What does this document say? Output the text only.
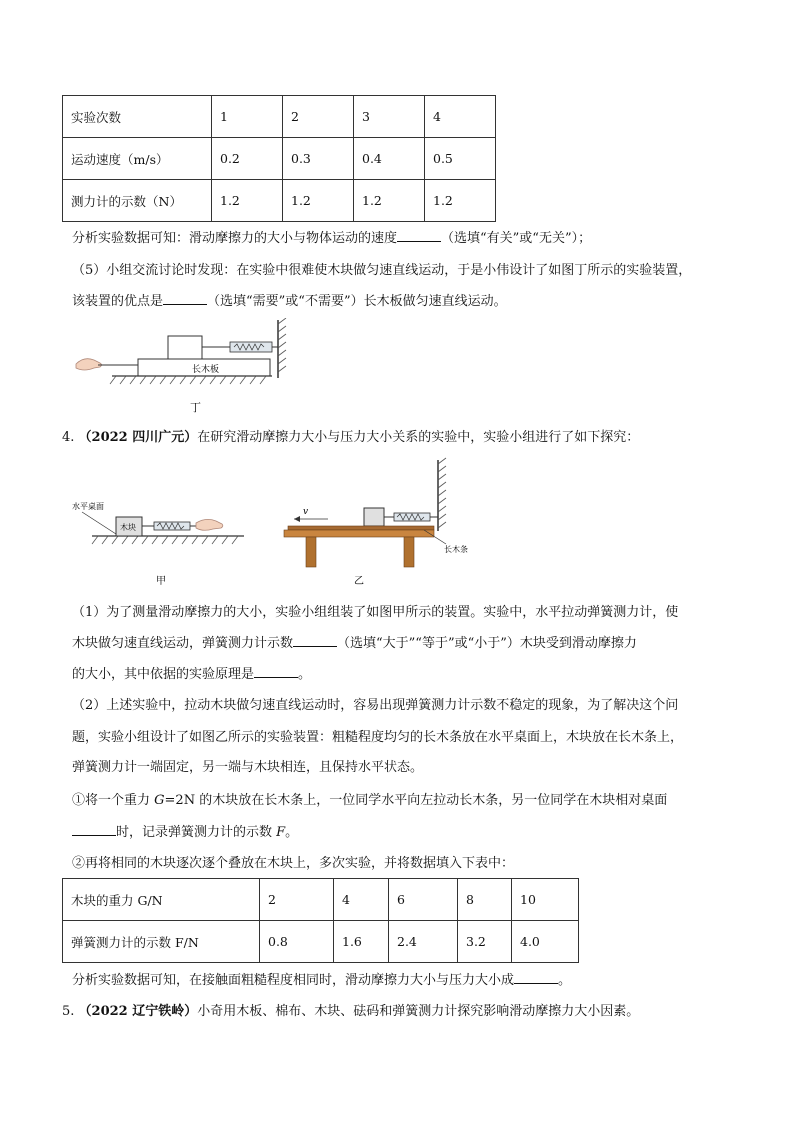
实验次数	1	2	3	4
运动速度（m/s）	0.2	0.3	0.4	0.5
测力计的示数（N）	1.2	1.2	1.2	1.2
分析实验数据可知：滑动摩擦力的大小与物体运动的速度	（选填“有关”或“无关”）；
（5）小组交流讨论时发现：在实验中很难使木块做匀速直线运动，于是小伟设计了如图丁所示的实验装置，
该装置的优点是	（选填“需要”或“不需要”）长木板做匀速直线运动。
长木板
丁
4. （2022 四川广元）在研究滑动摩擦力大小与压力大小关系的实验中，实验小组进行了如下探究：
水平桌面
木块
甲
v
长木条
乙
（1）为了测量滑动摩擦力的大小，实验小组组装了如图甲所示的装置。实验中，水平拉动弹簧测力计，使
木块做匀速直线运动，弹簧测力计示数	（选填“大于”“等于”或“小于”）木块受到滑动摩擦力
的大小，其中依据的实验原理是	。
（2）上述实验中，拉动木块做匀速直线运动时，容易出现弹簧测力计示数不稳定的现象，为了解决这个问
题，实验小组设计了如图乙所示的实验装置：粗糙程度均匀的长木条放在水平桌面上，木块放在长木条上，
弹簧测力计一端固定，另一端与木块相连，且保持水平状态。
①将一个重力 G=2N 的木块放在长木条上，一位同学水平向左拉动长木条，另一位同学在木块相对桌面
时，记录弹簧测力计的示数 F。
②再将相同的木块逐次逐个叠放在木块上，多次实验，并将数据填入下表中：
木块的重力 G/N	2	4	6	8	10
弹簧测力计的示数 F/N	0.8	1.6	2.4	3.2	4.0
分析实验数据可知，在接触面粗糙程度相同时，滑动摩擦力大小与压力大小成	。
5. （2022 辽宁铁岭）小奇用木板、棉布、木块、砝码和弹簧测力计探究影响滑动摩擦力大小因素。
